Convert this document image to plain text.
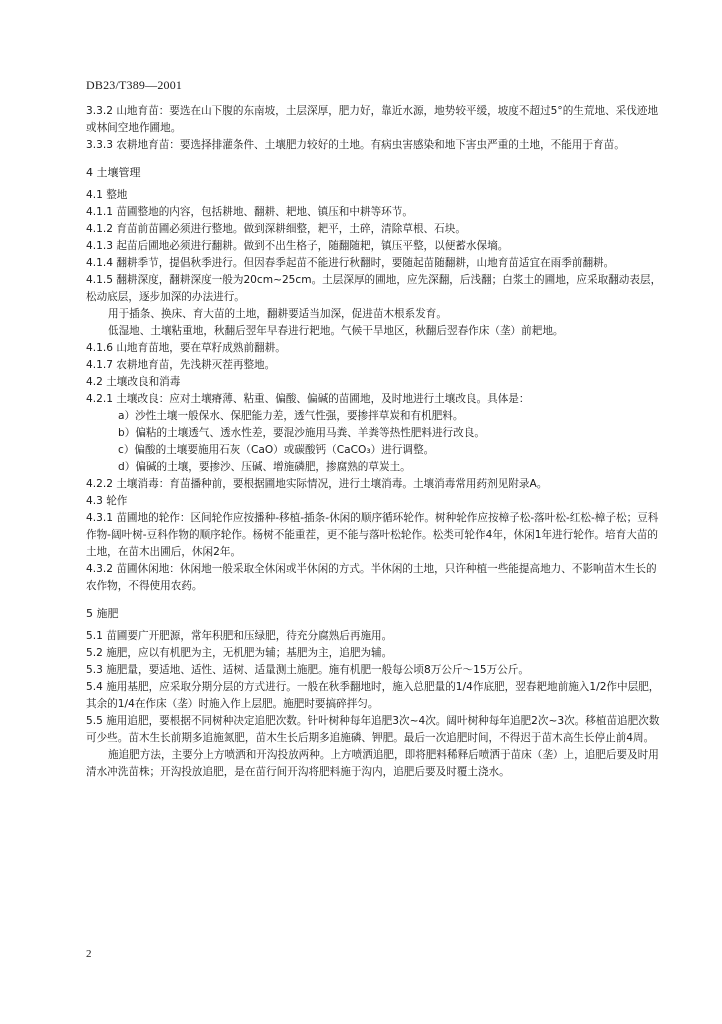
DB23/T389—2001

3.3.2 山地育苗：要选在山下腹的东南坡，土层深厚，肥力好，靠近水源，地势较平缓，坡度不超过5°的生荒地、采伐迹地或林间空地作圃地。

3.3.3 农耕地育苗：要选择排灌条件、土壤肥力较好的土地。有病虫害感染和地下害虫严重的土地，不能用于育苗。

4 土壤管理

4.1 整地

4.1.1 苗圃整地的内容，包括耕地、翻耕、耙地、镇压和中耕等环节。

4.1.2 育苗前苗圃必须进行整地。做到深耕细整，耙平，土碎，清除草根、石块。

4.1.3 起苗后圃地必须进行翻耕。做到不出生格子，随翻随耙，镇压平整，以便蓄水保墒。

4.1.4 翻耕季节，提倡秋季进行。但因春季起苗不能进行秋翻时，要随起苗随翻耕，山地育苗适宜在雨季前翻耕。

4.1.5 翻耕深度，翻耕深度一般为20cm~25cm。土层深厚的圃地，应先深翻，后浅翻；白浆土的圃地，应采取翻动表层，松动底层，逐步加深的办法进行。

用于插条、换床、育大苗的土地，翻耕要适当加深，促进苗木根系发育。

低湿地、土壤粘重地，秋翻后翌年早春进行耙地。气候干旱地区，秋翻后翌春作床（垄）前耙地。

4.1.6 山地育苗地，要在草籽成熟前翻耕。

4.1.7 农耕地育苗，先浅耕灭茬再整地。

4.2 土壤改良和消毒

4.2.1 土壤改良：应对土壤瘠薄、粘重、偏酸、偏碱的苗圃地，及时地进行土壤改良。具体是：

a）沙性土壤一般保水、保肥能力差，透气性强，要掺拌草炭和有机肥料。

b）偏粘的土壤透气、透水性差，要混沙施用马粪、羊粪等热性肥料进行改良。

c）偏酸的土壤要施用石灰（CaO）或碳酸钙（CaCO₃）进行调整。

d）偏碱的土壤，要掺沙、压碱、增施磷肥，掺腐熟的草炭土。

4.2.2 土壤消毒：育苗播种前，要根据圃地实际情况，进行土壤消毒。土壤消毒常用药剂见附录A。

4.3 轮作

4.3.1 苗圃地的轮作：区间轮作应按播种-移植-插条-休闲的顺序循环轮作。树种轮作应按樟子松-落叶松-红松-樟子松；豆科作物-阔叶树-豆科作物的顺序轮作。杨树不能重茬，更不能与落叶松轮作。松类可轮作4年，休闲1年进行轮作。培育大苗的土地，在苗木出圃后，休闲2年。

4.3.2 苗圃休闲地：休闲地一般采取全休闲或半休闲的方式。半休闲的土地，只许种植一些能提高地力、不影响苗木生长的农作物，不得使用农药。

5 施肥

5.1 苗圃要广开肥源，常年积肥和压绿肥，待充分腐熟后再施用。

5.2 施肥，应以有机肥为主，无机肥为辅；基肥为主，追肥为辅。

5.3 施肥量，要适地、适性、适树、适量测土施肥。施有机肥一般每公顷8万公斤～15万公斤。

5.4 施用基肥，应采取分期分层的方式进行。一般在秋季翻地时，施入总肥量的1/4作底肥，翌春耙地前施入1/2作中层肥，其余的1/4在作床（垄）时施入作上层肥。施肥时要搞碎拌匀。

5.5 施用追肥，要根据不同树种决定追肥次数。针叶树种每年追肥3次~4次。阔叶树种每年追肥2次~3次。移植苗追肥次数可少些。苗木生长前期多追施氮肥，苗木生长后期多追施磷、钾肥。最后一次追肥时间，不得迟于苗木高生长停止前4周。

施追肥方法，主要分上方喷洒和开沟投放两种。上方喷洒追肥，即将肥料稀释后喷洒于苗床（垄）上，追肥后要及时用清水冲洗苗株；开沟投放追肥，是在苗行间开沟将肥料施于沟内，追肥后要及时覆土浇水。

2
